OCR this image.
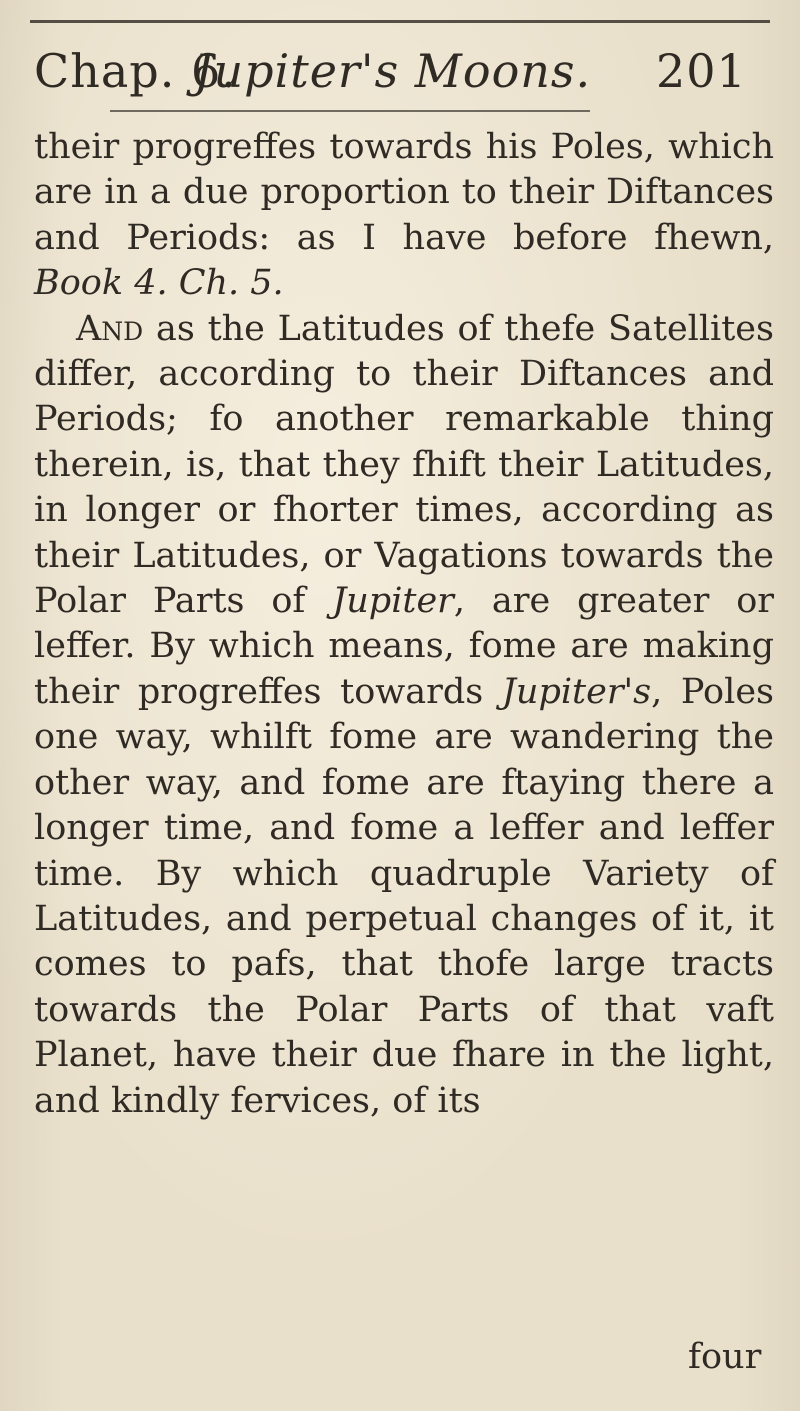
Chap. 6.
Jupiter's Moons. 201

their progreffes towards his Poles, which are in a due proportion to their Diftances and Periods: as I have before fhewn, Book 4. Ch. 5.

And as the Latitudes of thefe Satellites differ, according to their Diftances and Periods; fo another remarkable thing therein, is, that they fhift their Latitudes, in longer or fhorter times, according as their Latitudes, or Vagations towards the Polar Parts of Jupiter, are greater or leffer. By which means, fome are making their progreffes towards Jupiter's, Poles one way, whilft fome are wandering the other way, and fome are ftaying there a longer time, and fome a leffer and leffer time. By which quadruple Variety of Latitudes, and perpetual changes of it, it comes to pafs, that thofe large tracts towards the Polar Parts of that vaft Planet, have their due fhare in the light, and kindly fervices, of its

four
